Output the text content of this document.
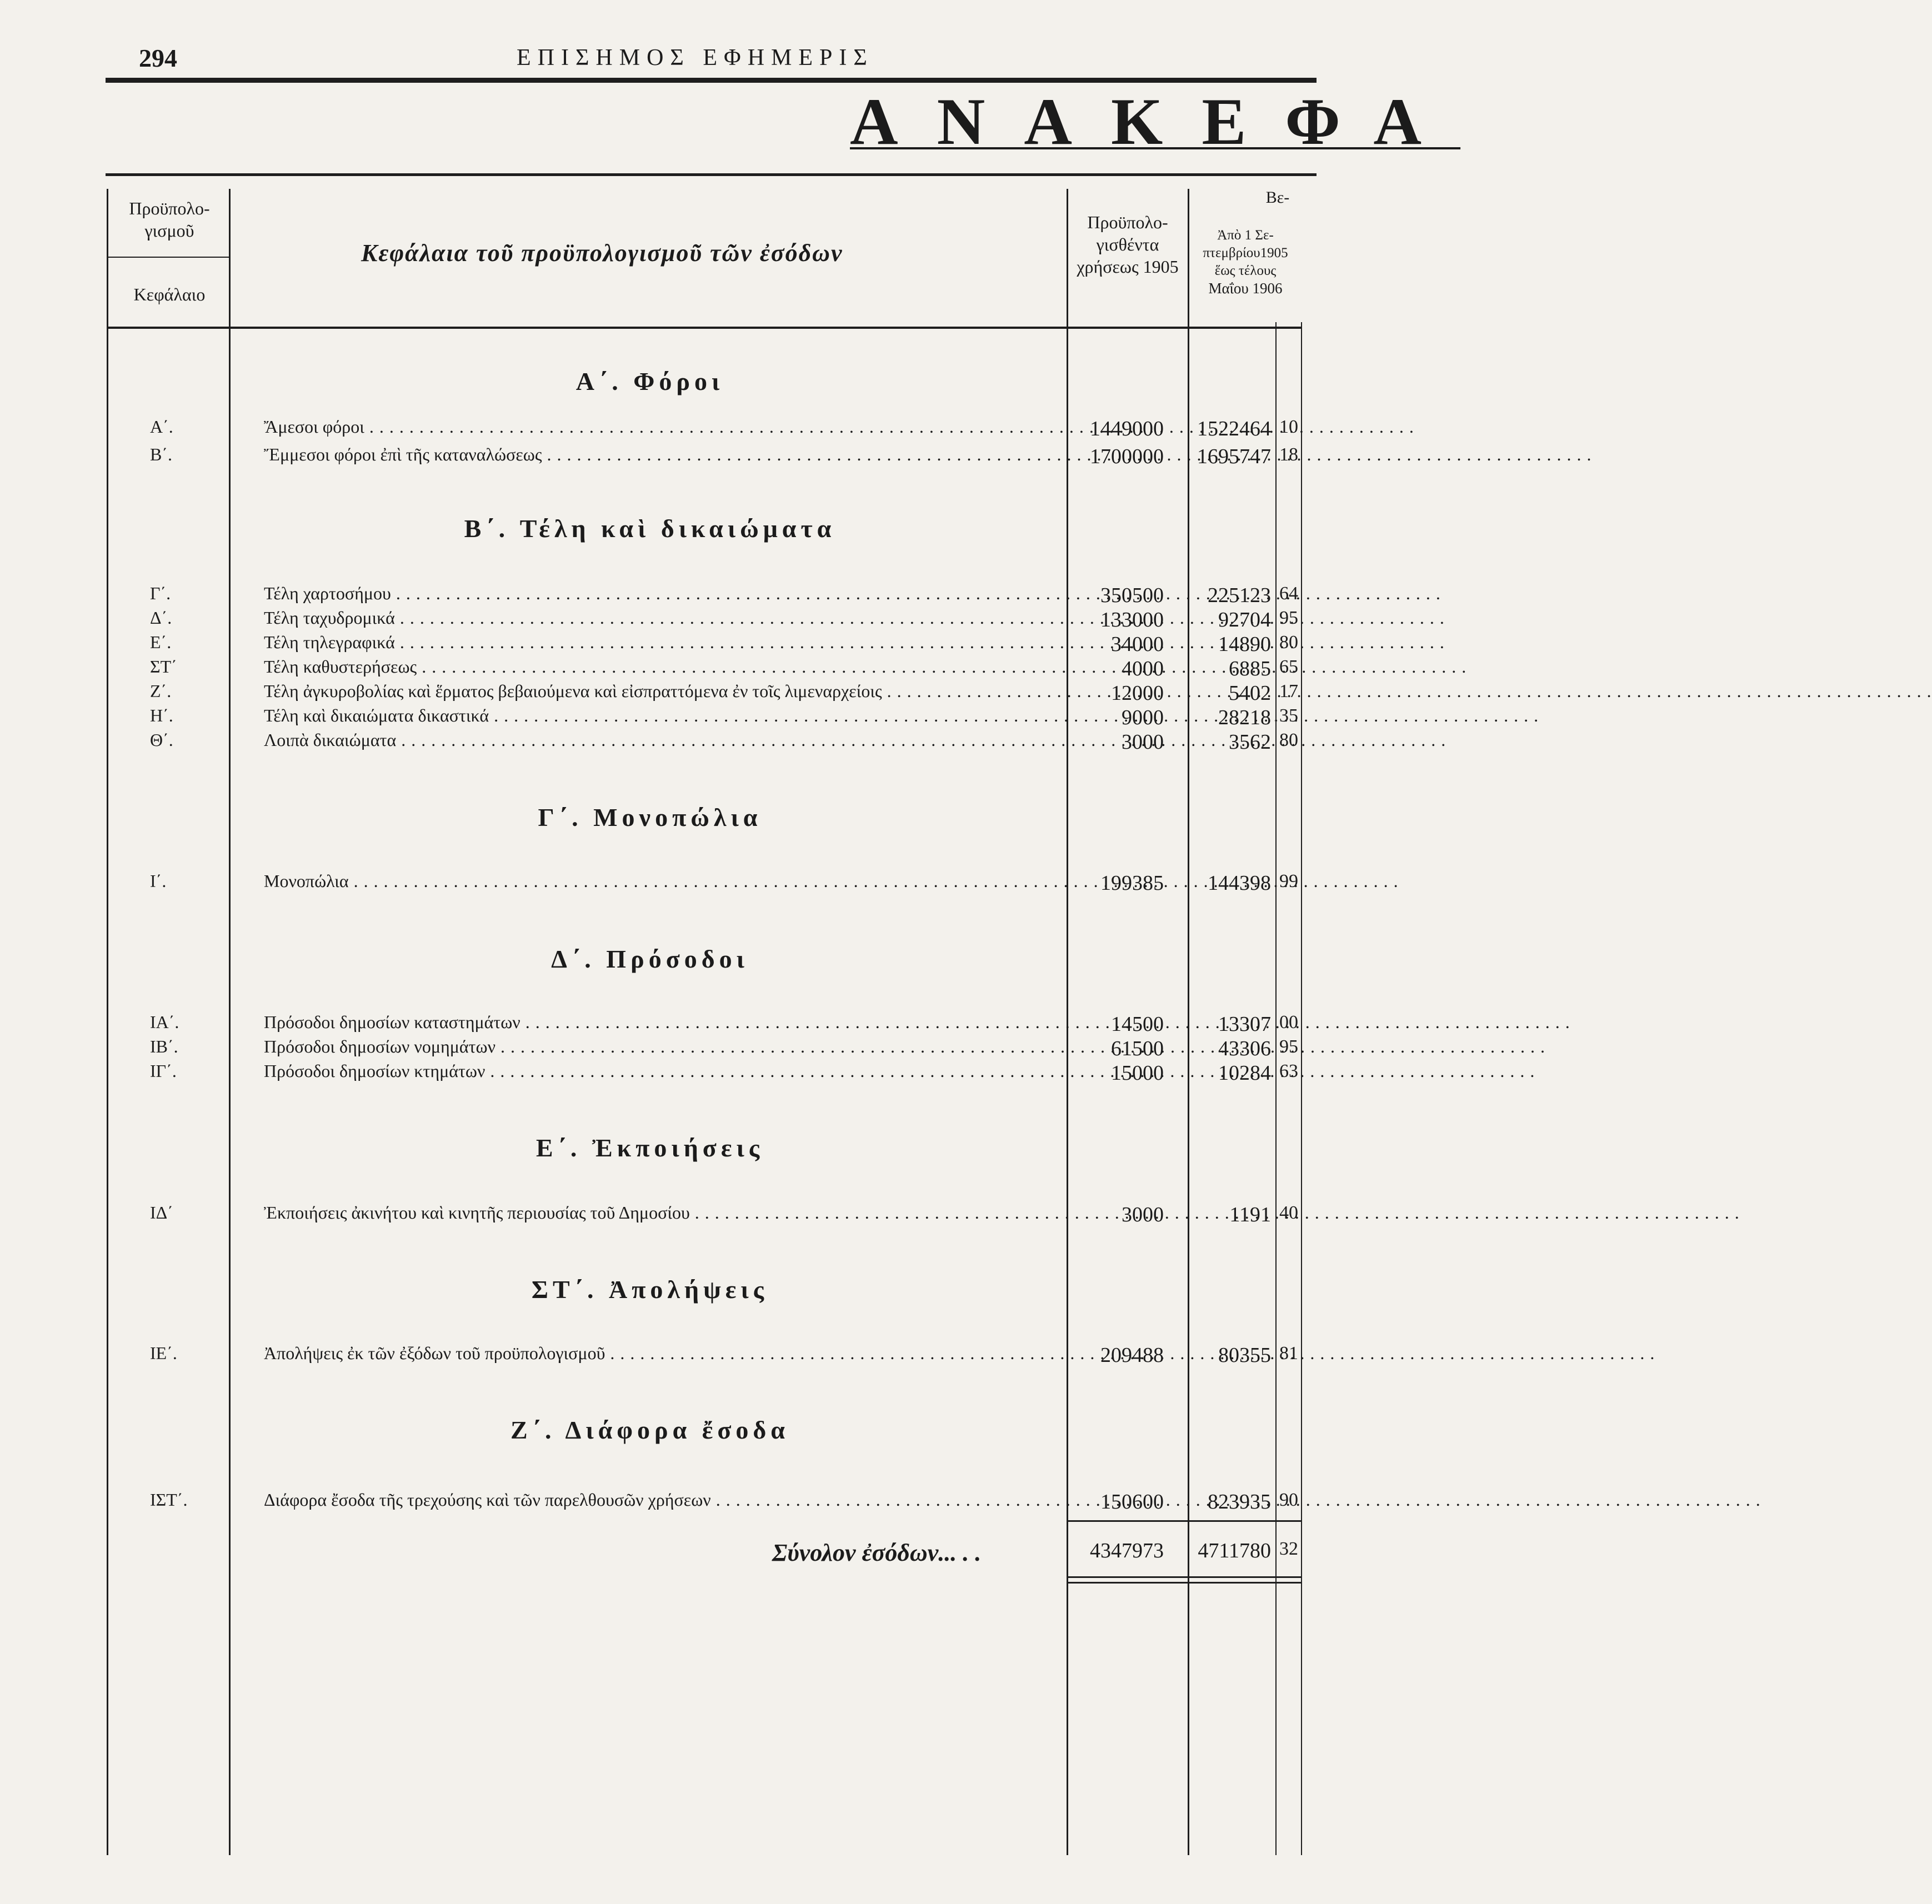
294	ΕΠΙΣΗΜΟΣ ΕΦΗΜΕΡΙΣ
ΑΝΑΚΕΦΑ
Προϋπολο-γισμοῦ
Κεφάλαιο
Κεφάλαια τοῦ προϋπολογισμοῦ τῶν ἐσόδων
Προϋπολο-γισθέντα χρήσεως 1905
Βε-
Ἀπὸ 1 Σε-
πτεμβρίου1905
ἕως τέλους
Μαΐου 1906
Α΄. Φόροι
Α΄.	Ἄμεσοι φόροι . . .	1449000	1522464 10
Β΄.	Ἔμμεσοι φόροι ἐπὶ τῆς καταναλώσεως . . .	1700000	1695747 18
Β΄. Τέλη καὶ δικαιώματα
Γ΄.	Τέλη χαρτοσήμου . . .	350500	225123 64
Δ΄.	Τέλη ταχυδρομικά . . .	133000	92704 95
Ε΄.	Τέλη τηλεγραφικά . . .	34000	14890 80
ΣΤ΄	Τέλη καθυστερήσεως . . .	4000	6885 65
Ζ΄.	Τέλη ἀγκυροβολίας καὶ ἕρματος βεβαιούμενα καὶ εἰσπραττόμενα ἐν τοῖς λιμεναρχείοις . . .	12000	5402 17
Η΄.	Τέλη καὶ δικαιώματα δικαστικά . . .	9000	28218 35
Θ΄.	Λοιπὰ δικαιώματα . . .	3000	3562 80
Γ΄. Μονοπώλια
Ι΄.	Μονοπώλια . . .	199385	144398 99
Δ΄. Πρόσοδοι
ΙΑ΄.	Πρόσοδοι δημοσίων καταστημάτων . . .	14500	13307 00
ΙΒ΄.	Πρόσοδοι δημοσίων νομημάτων . . .	61500	43306 95
ΙΓ΄.	Πρόσοδοι δημοσίων κτημάτων . . .	15000	10284 63
Ε΄. Ἐκποιήσεις
ΙΔ΄	Ἐκποιήσεις ἀκινήτου καὶ κινητῆς περιουσίας τοῦ Δημοσίου . . .	3000	1191 40
ΣΤ΄. Ἀπολήψεις
ΙΕ΄.	Ἀπολήψεις ἐκ τῶν ἐξόδων τοῦ προϋπολογισμοῦ . . .	209488	80355 81
Ζ΄. Διάφορα ἔσοδα
ΙΣΤ΄.	Διάφορα ἔσοδα τῆς τρεχούσης καὶ τῶν παρελθουσῶν χρήσεων . . .	150600	823935 90
Σύνολον ἐσόδων... . .	4347973	4711780 32
